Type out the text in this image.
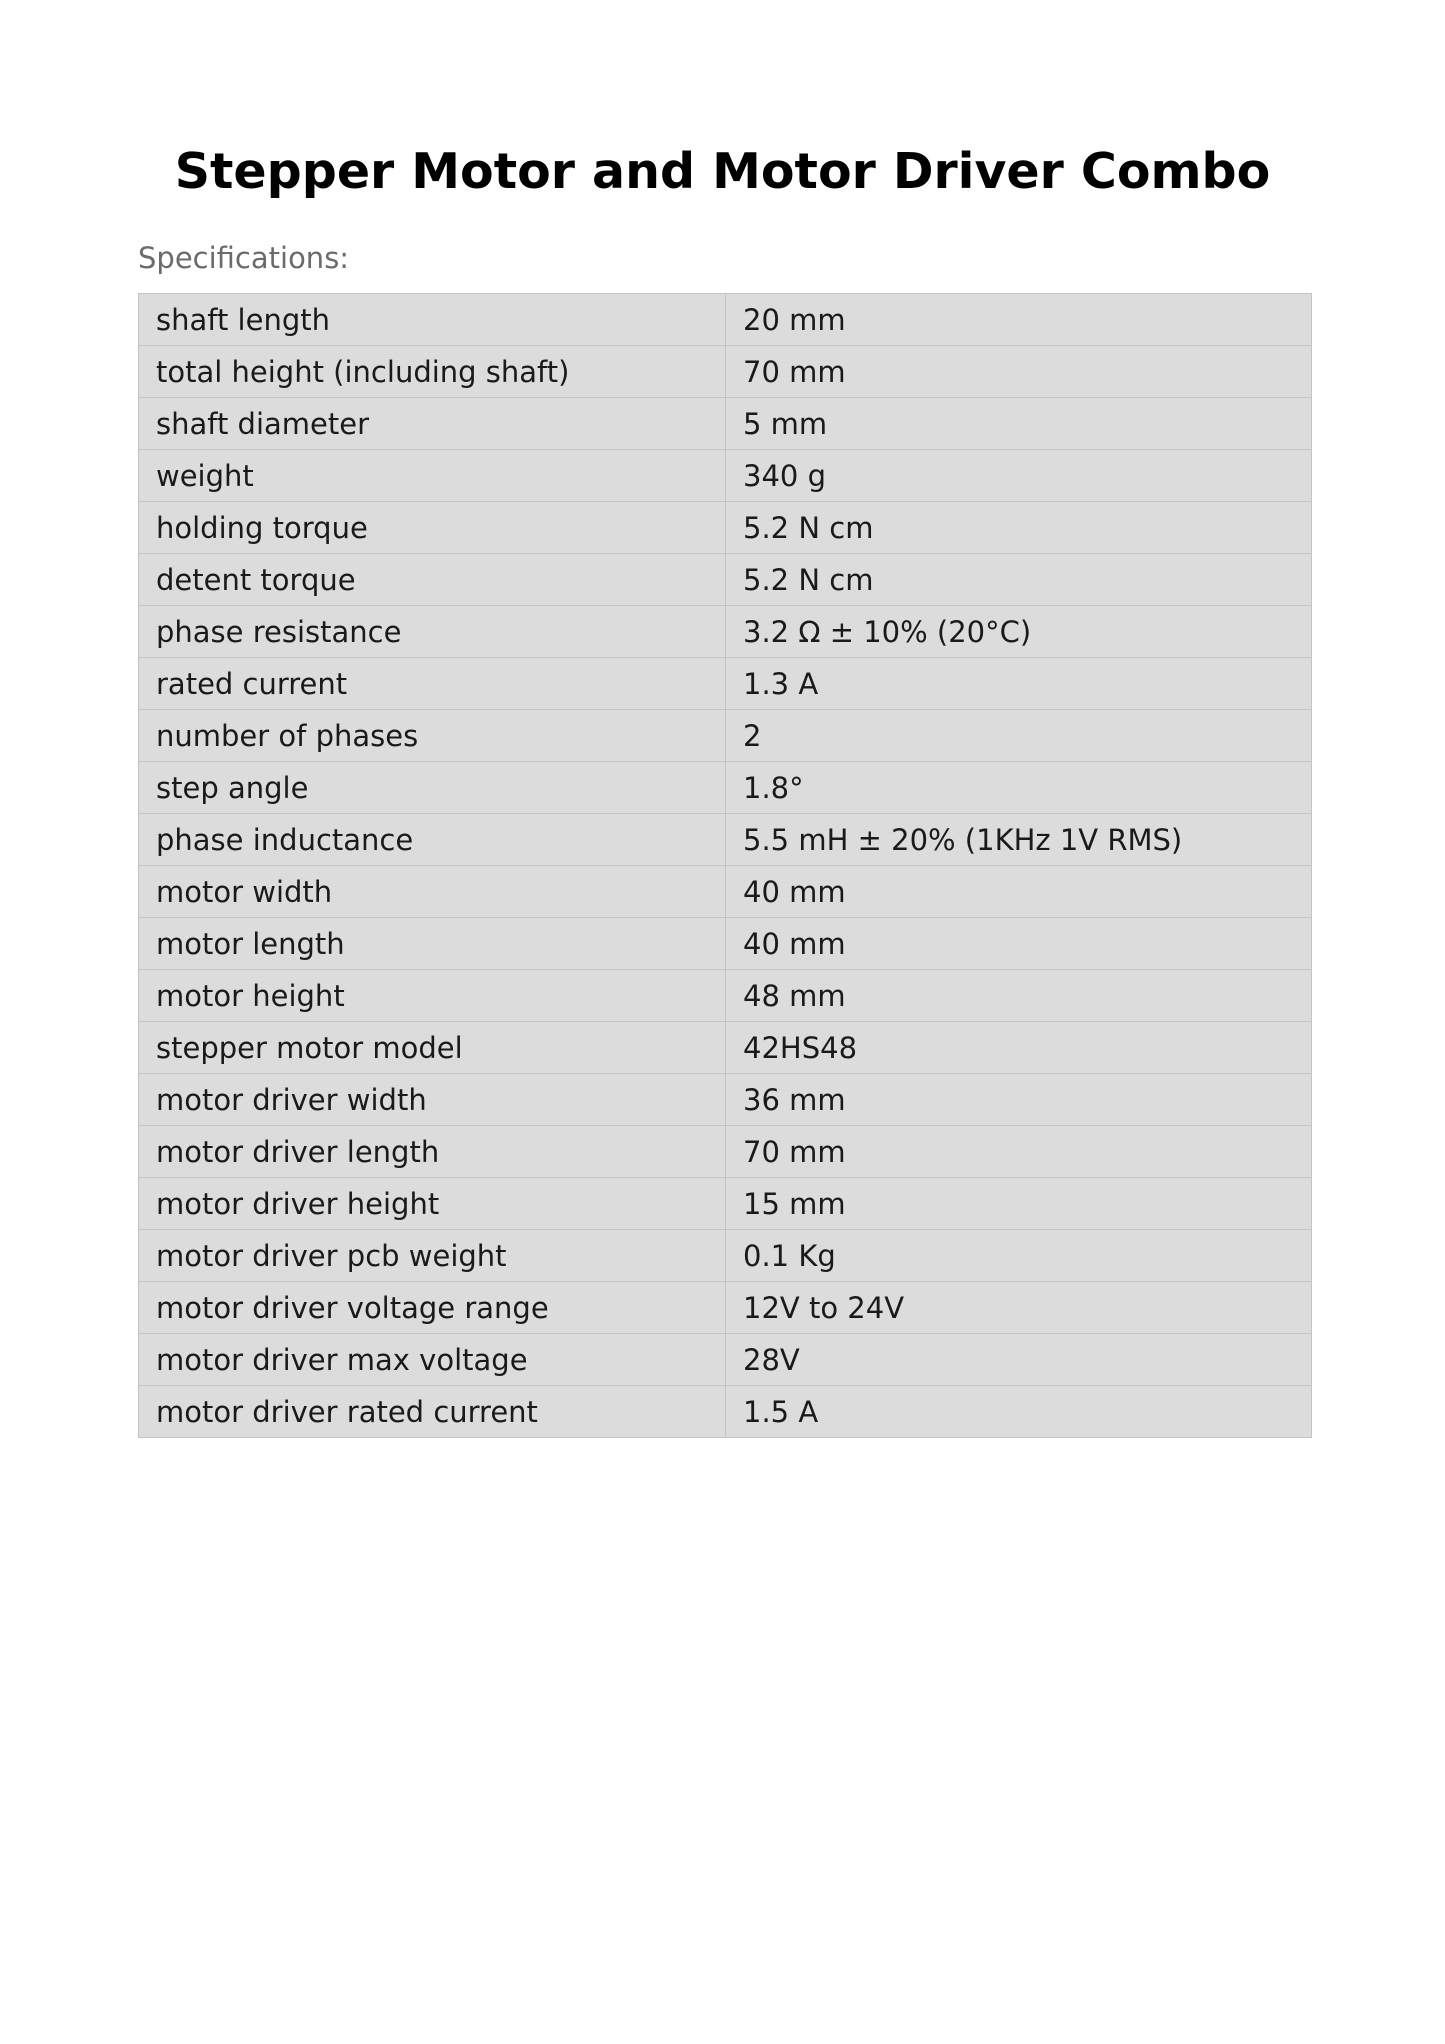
Stepper Motor and Motor Driver Combo

Specifications:

shaft length	20 mm
total height (including shaft)	70 mm
shaft diameter	5 mm
weight	340 g
holding torque	5.2 N cm
detent torque	5.2 N cm
phase resistance	3.2 Ω ± 10% (20°C)
rated current	1.3 A
number of phases	2
step angle	1.8°
phase inductance	5.5 mH ± 20% (1KHz 1V RMS)
motor width	40 mm
motor length	40 mm
motor height	48 mm
stepper motor model	42HS48
motor driver width	36 mm
motor driver length	70 mm
motor driver height	15 mm
motor driver pcb weight	0.1 Kg
motor driver voltage range	12V to 24V
motor driver max voltage	28V
motor driver rated current	1.5 A
